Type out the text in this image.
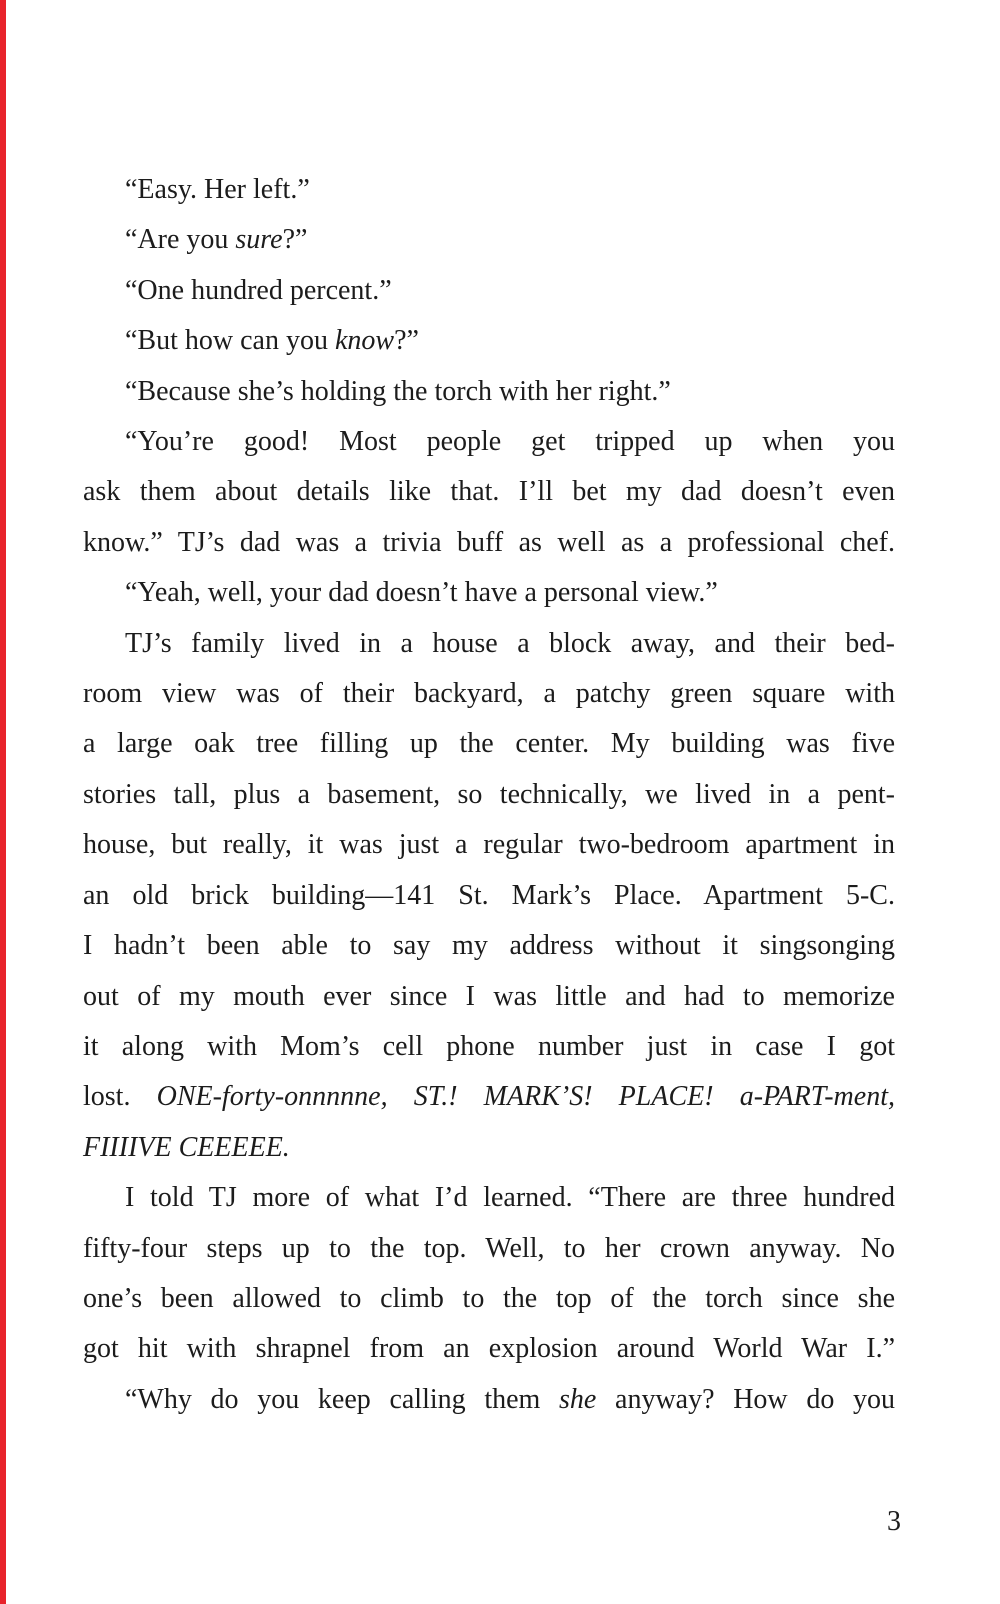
“Easy. Her left.”
“Are you sure?”
“One hundred percent.”
“But how can you know?”
“Because she’s holding the torch with her right.”
“You’re good! Most people get tripped up when you
ask them about details like that. I’ll bet my dad doesn’t even
know.” TJ’s dad was a trivia buff as well as a professional chef.
“Yeah, well, your dad doesn’t have a personal view.”
TJ’s family lived in a house a block away, and their bed-
room view was of their backyard, a patchy green square with
a large oak tree filling up the center. My building was five
stories tall, plus a basement, so technically, we lived in a pent-
house, but really, it was just a regular two-bedroom apartment in
an old brick building—141 St. Mark’s Place. Apartment 5-C.
I hadn’t been able to say my address without it singsonging
out of my mouth ever since I was little and had to memorize
it along with Mom’s cell phone number just in case I got
lost. ONE-forty-onnnnne, ST.! MARK’S! PLACE! a-PART-ment,
FIIIIVE CEEEEE.
I told TJ more of what I’d learned. “There are three hundred
fifty-four steps up to the top. Well, to her crown anyway. No
one’s been allowed to climb to the top of the torch since she
got hit with shrapnel from an explosion around World War I.”
“Why do you keep calling them she anyway? How do you
3
